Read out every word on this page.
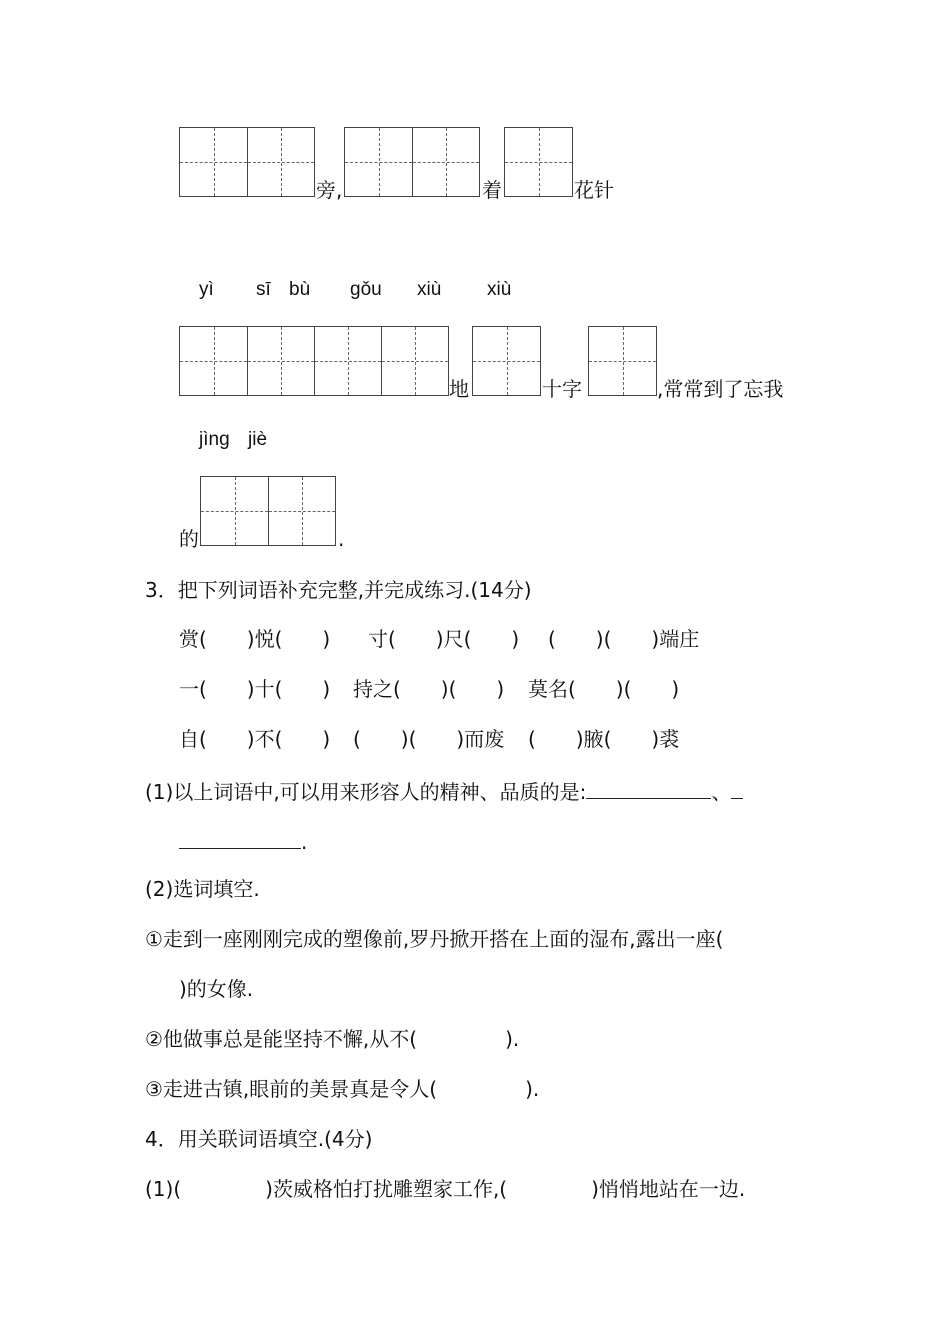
旁,	着	花针
yì sī bù gǒu xiù xiù
地	十字	,常常到了忘我
jìng jiè
的	.
3．把下列词语补充完整,并完成练习.(14分)
赏(　　)悦(　　) 寸(　　)尺(　　) (　　)(　　)端庄
一(　　)十(　　) 持之(　　)(　　) 莫名(　　)(　　)
自(　　)不(　　) (　　)(　　)而废 (　　)腋(　　)裘
(1)以上词语中,可以用来形容人的精神、品质的是:	、
.
(2)选词填空.
①走到一座刚刚完成的塑像前,罗丹掀开搭在上面的湿布,露出一座(
)的女像.
②他做事总是能坚持不懈,从不(	).
③走进古镇,眼前的美景真是令人(	).
4．用关联词语填空.(4分)
(1)(	)茨威格怕打扰雕塑家工作,(	)悄悄地站在一边.
